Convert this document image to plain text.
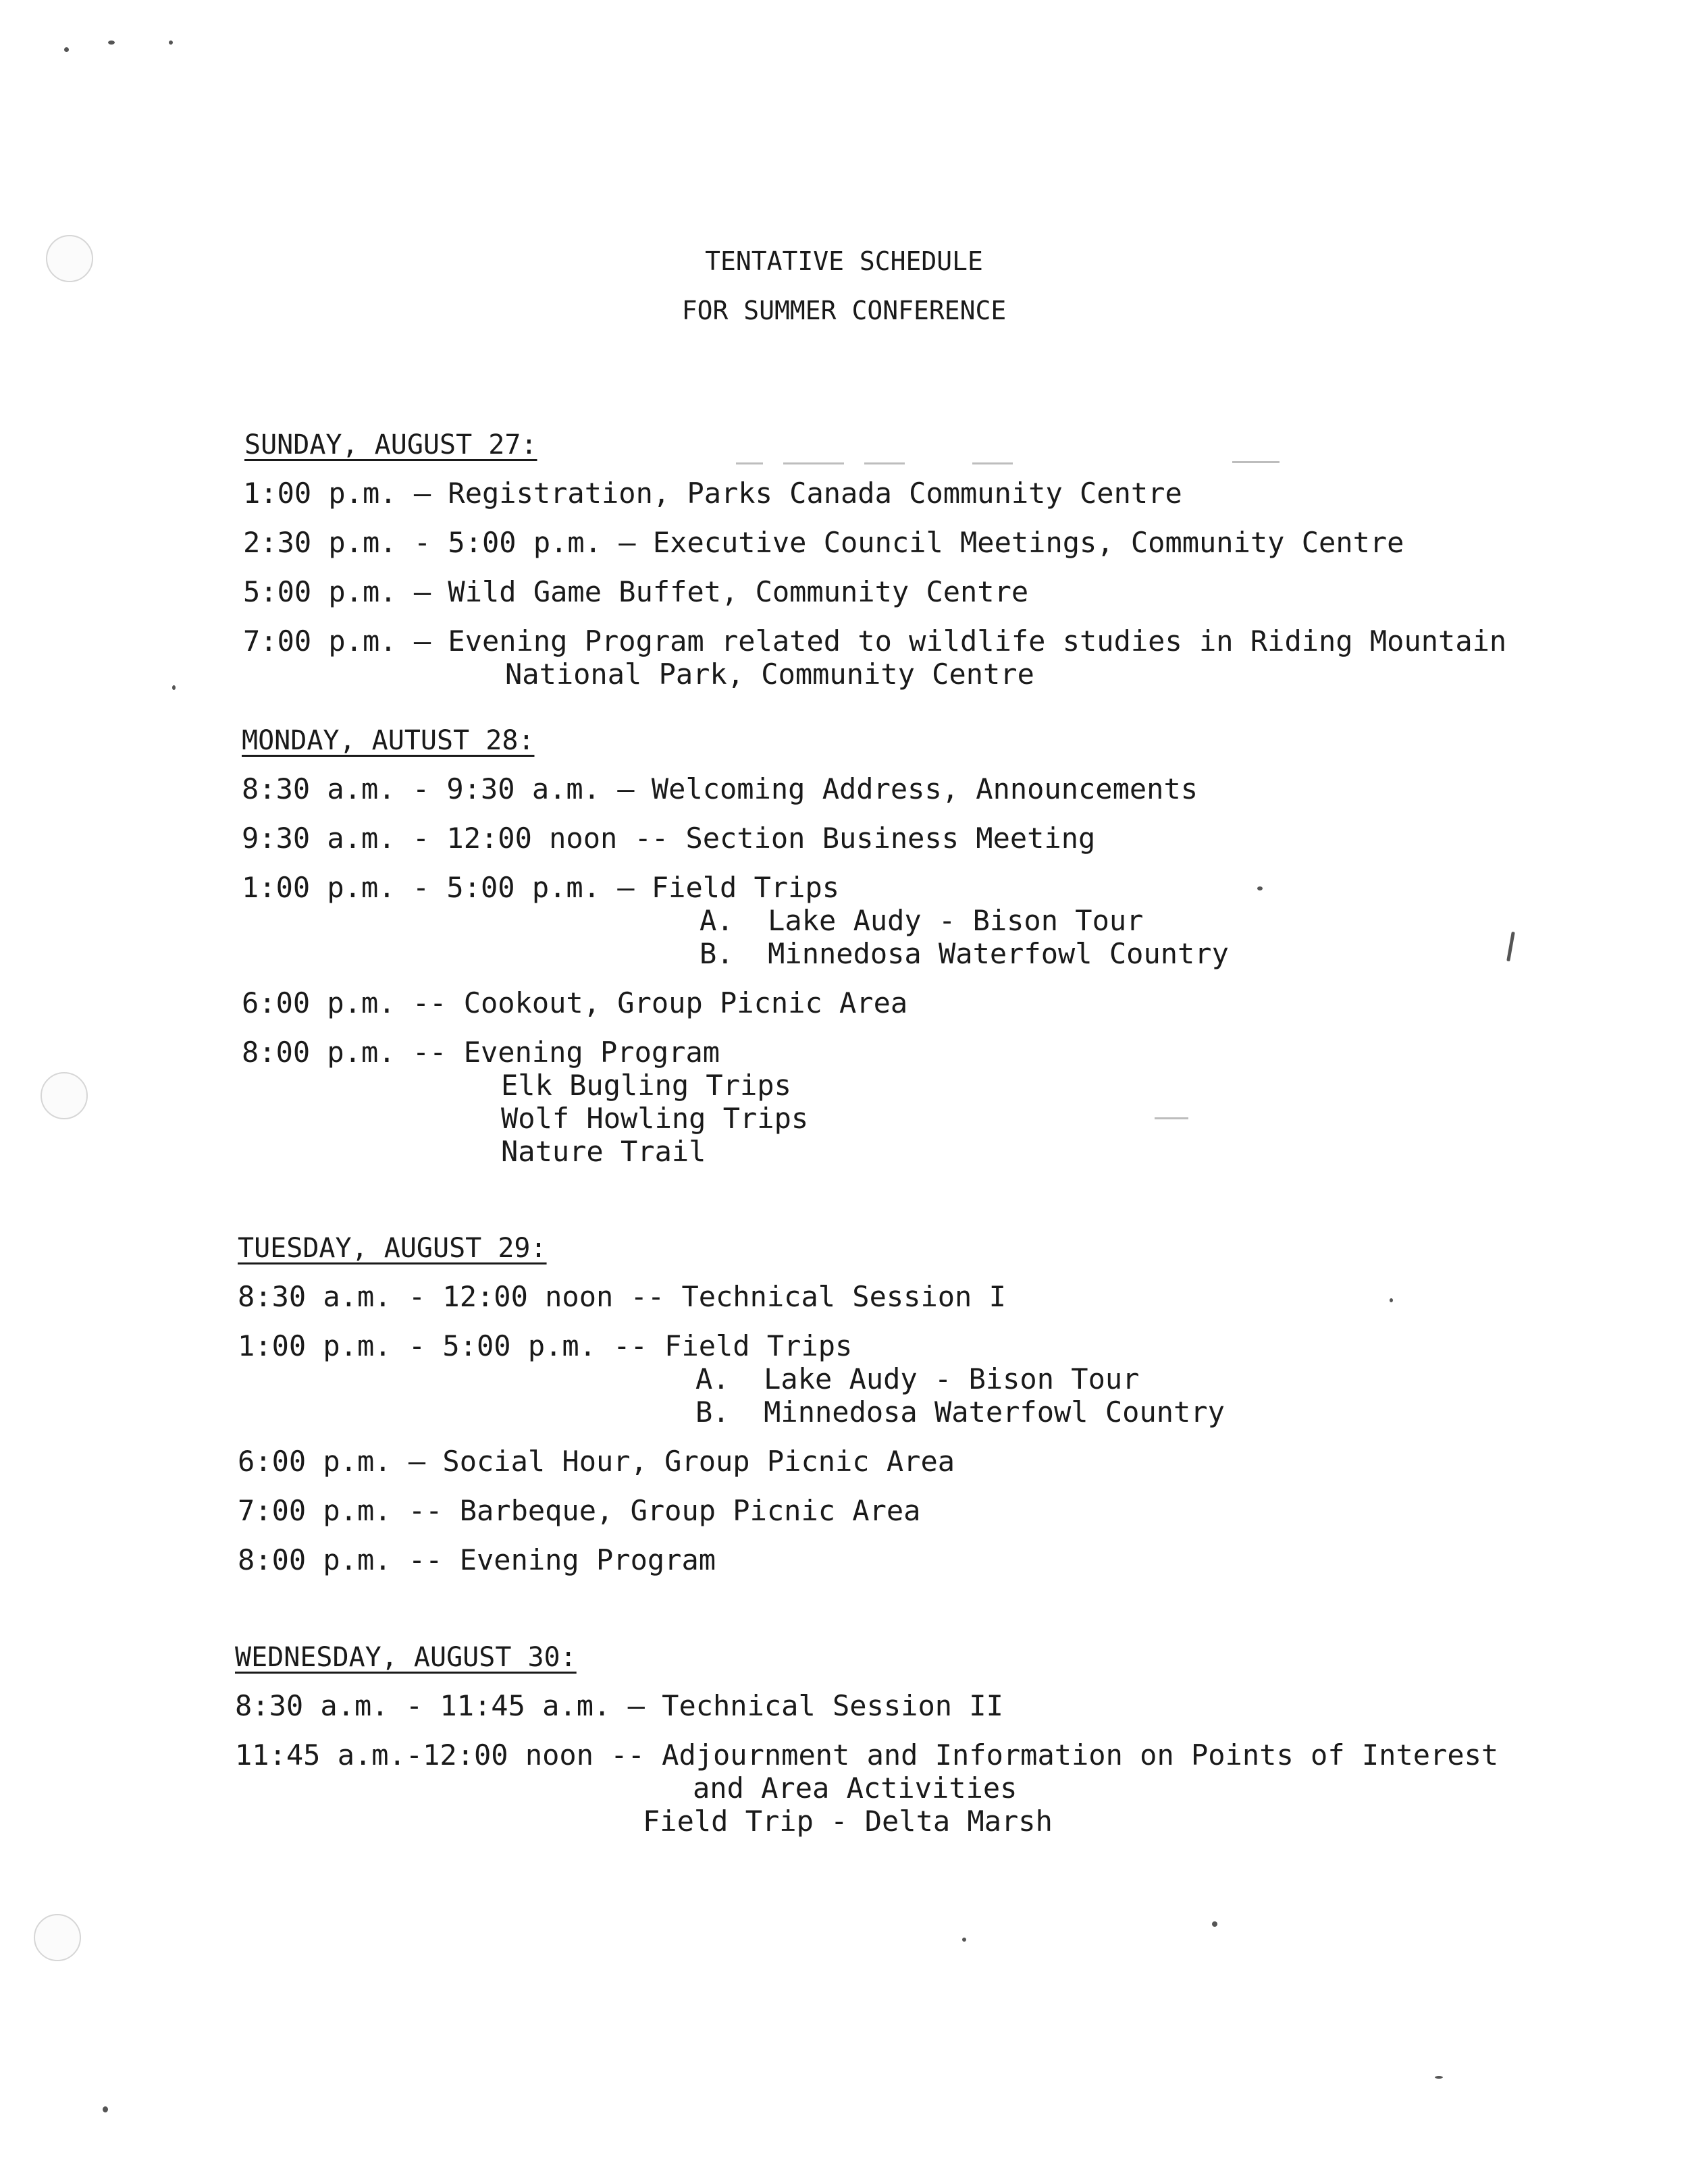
TENTATIVE SCHEDULE
FOR SUMMER CONFERENCE
SUNDAY, AUGUST 27:
1:00 p.m. — Registration, Parks Canada Community Centre
2:30 p.m. - 5:00 p.m. — Executive Council Meetings, Community Centre
5:00 p.m. — Wild Game Buffet, Community Centre
7:00 p.m. — Evening Program related to wildlife studies in Riding Mountain
National Park, Community Centre
MONDAY, AUTUST 28:
8:30 a.m. - 9:30 a.m. — Welcoming Address, Announcements
9:30 a.m. - 12:00 noon -- Section Business Meeting
1:00 p.m. - 5:00 p.m. — Field Trips
A.  Lake Audy - Bison Tour
B.  Minnedosa Waterfowl Country
6:00 p.m. -- Cookout, Group Picnic Area
8:00 p.m. -- Evening Program
Elk Bugling Trips
Wolf Howling Trips
Nature Trail
TUESDAY, AUGUST 29:
8:30 a.m. - 12:00 noon -- Technical Session I
1:00 p.m. - 5:00 p.m. -- Field Trips
A.  Lake Audy - Bison Tour
B.  Minnedosa Waterfowl Country
6:00 p.m. — Social Hour, Group Picnic Area
7:00 p.m. -- Barbeque, Group Picnic Area
8:00 p.m. -- Evening Program
WEDNESDAY, AUGUST 30:
8:30 a.m. - 11:45 a.m. — Technical Session II
11:45 a.m.-12:00 noon -- Adjournment and Information on Points of Interest
and Area Activities
Field Trip - Delta Marsh
